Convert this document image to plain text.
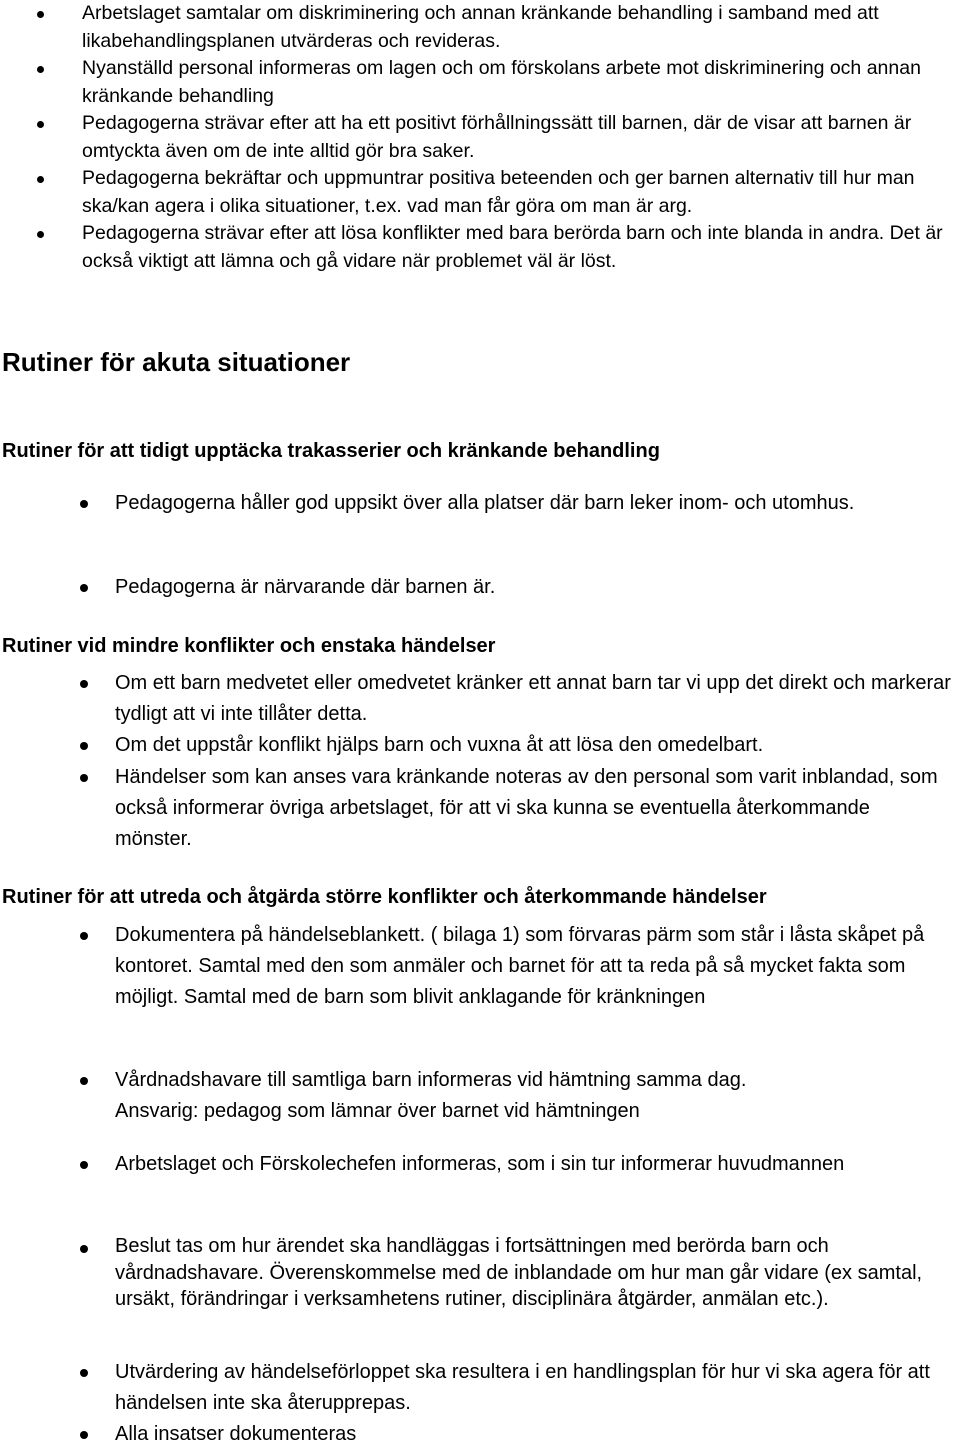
Arbetslaget samtalar om diskriminering och annan kränkande behandling i samband med att likabehandlingsplanen utvärderas och revideras.
Nyanställd personal informeras om lagen och om förskolans arbete mot diskriminering och annan kränkande behandling
Pedagogerna strävar efter att ha ett positivt förhållningssätt till barnen, där de visar att barnen är omtyckta även om de inte alltid gör bra saker.
Pedagogerna bekräftar och uppmuntrar positiva beteenden och ger barnen alternativ till hur man ska/kan agera i olika situationer, t.ex. vad man får göra om man är arg.
Pedagogerna strävar efter att lösa konflikter med bara berörda barn och inte blanda in andra. Det är också viktigt att lämna och gå vidare när problemet väl är löst.
Rutiner för akuta situationer
Rutiner för att tidigt upptäcka trakasserier och kränkande behandling
Pedagogerna håller god uppsikt över alla platser där barn leker inom- och utomhus.
Pedagogerna är närvarande där barnen är.
Rutiner vid mindre konflikter och enstaka händelser
Om ett barn medvetet eller omedvetet kränker ett annat barn tar vi upp det direkt och markerar tydligt att vi inte tillåter detta.
Om det uppstår konflikt hjälps barn och vuxna åt att lösa den omedelbart.
Händelser som kan anses vara kränkande noteras av den personal som varit inblandad, som också informerar övriga arbetslaget, för att vi ska kunna se eventuella återkommande mönster.
Rutiner för att utreda och åtgärda större konflikter och återkommande händelser
Dokumentera på händelseblankett. ( bilaga 1) som förvaras pärm som står i låsta skåpet på kontoret. Samtal med den som anmäler och barnet för att ta reda på så mycket fakta som möjligt. Samtal med de barn som blivit anklagande för kränkningen
Vårdnadshavare till samtliga barn informeras vid hämtning samma dag.
Ansvarig: pedagog som lämnar över barnet vid hämtningen
Arbetslaget och Förskolechefen informeras, som i sin tur informerar huvudmannen
Beslut tas om hur ärendet ska handläggas i fortsättningen med berörda barn och vårdnadshavare. Överenskommelse med de inblandade om hur man går vidare (ex samtal, ursäkt, förändringar i verksamhetens rutiner, disciplinära åtgärder, anmälan etc.).
Utvärdering av händelseförloppet ska resultera i en handlingsplan för hur vi ska agera för att händelsen inte ska återupprepas.
Alla insatser dokumenteras
